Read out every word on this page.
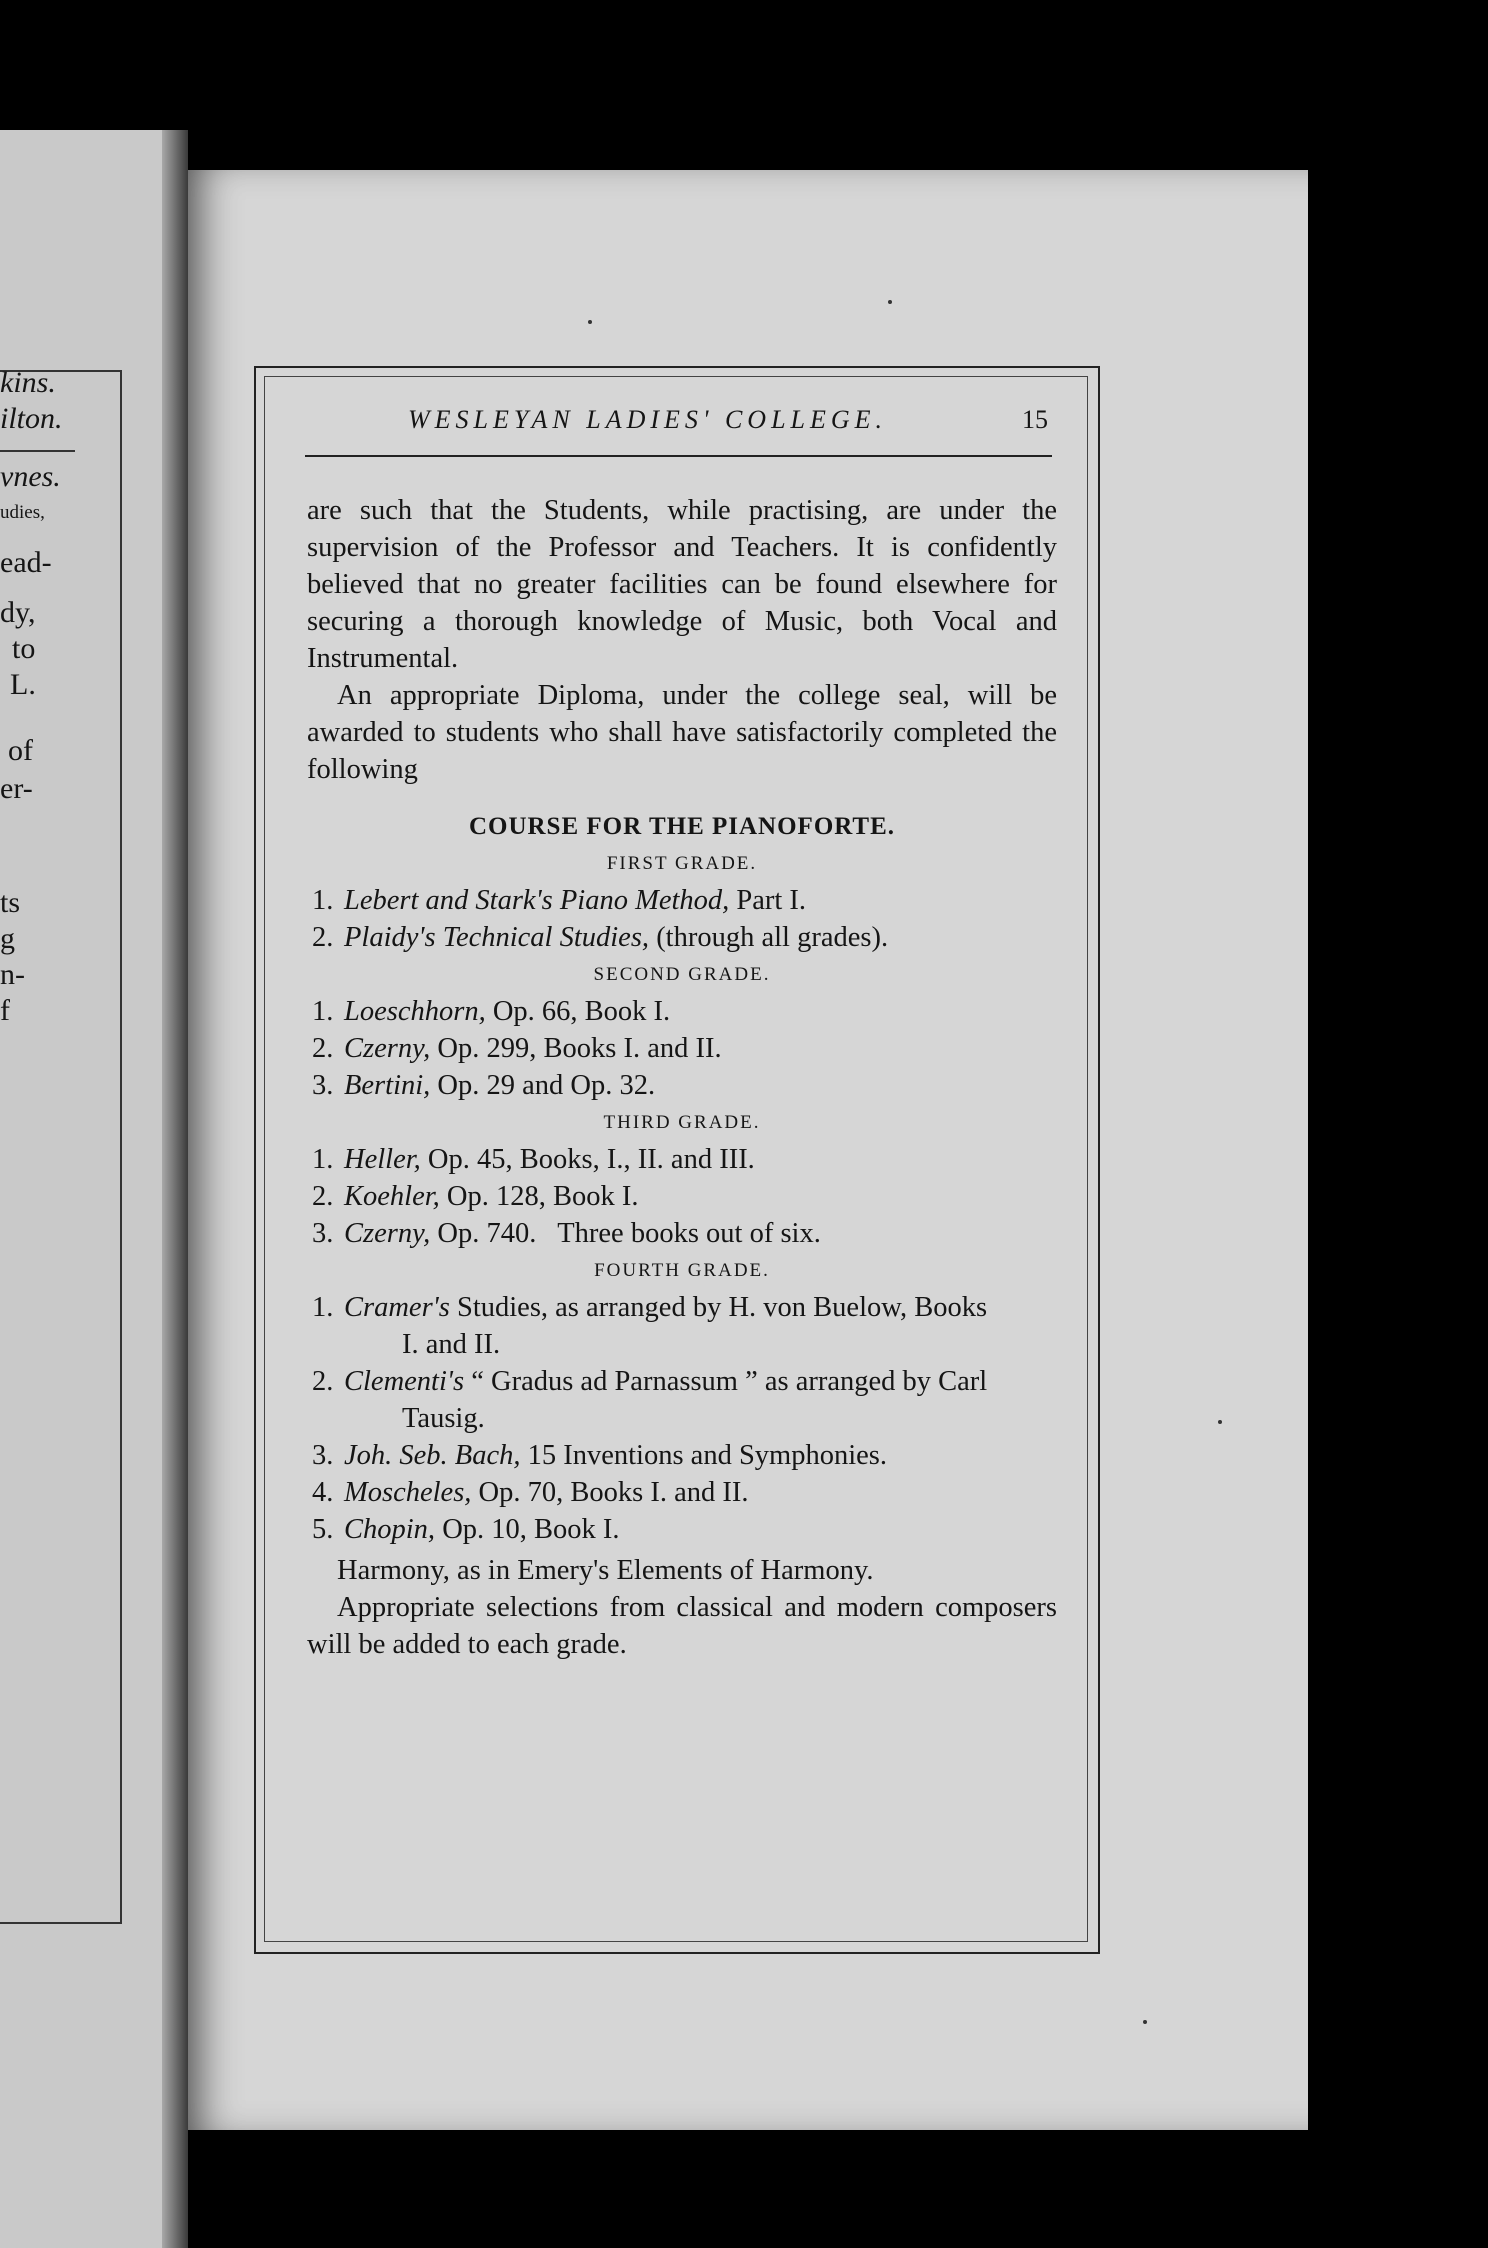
kins.
ilton.
vnes.
udies,
ead-
dy,
to
L.
of
er-
ts
g
n-
f
WESLEYAN LADIES' COLLEGE.	15

are such that the Students, while practising, are under the supervision of the Professor and Teachers. It is confidently believed that no greater facilities can be found elsewhere for securing a thorough knowledge of Music, both Vocal and Instrumental.

An appropriate Diploma, under the college seal, will be awarded to students who shall have satisfactorily completed the following

COURSE FOR THE PIANOFORTE.

FIRST GRADE.

1. Lebert and Stark's Piano Method, Part I.
2. Plaidy's Technical Studies, (through all grades).

SECOND GRADE.

1. Loeschhorn, Op. 66, Book I.
2. Czerny, Op. 299, Books I. and II.
3. Bertini, Op. 29 and Op. 32.

THIRD GRADE.

1. Heller, Op. 45, Books, I., II. and III.
2. Koehler, Op. 128, Book I.
3. Czerny, Op. 740.   Three books out of six.

FOURTH GRADE.

1. Cramer's Studies, as arranged by H. von Buelow, Books
I. and II.
2. Clementi's “ Gradus ad Parnassum ” as arranged by Carl
Tausig.
3. Joh. Seb. Bach, 15 Inventions and Symphonies.
4. Moscheles, Op. 70, Books I. and II.
5. Chopin, Op. 10, Book I.

Harmony, as in Emery's Elements of Harmony.

Appropriate selections from classical and modern composers will be added to each grade.
